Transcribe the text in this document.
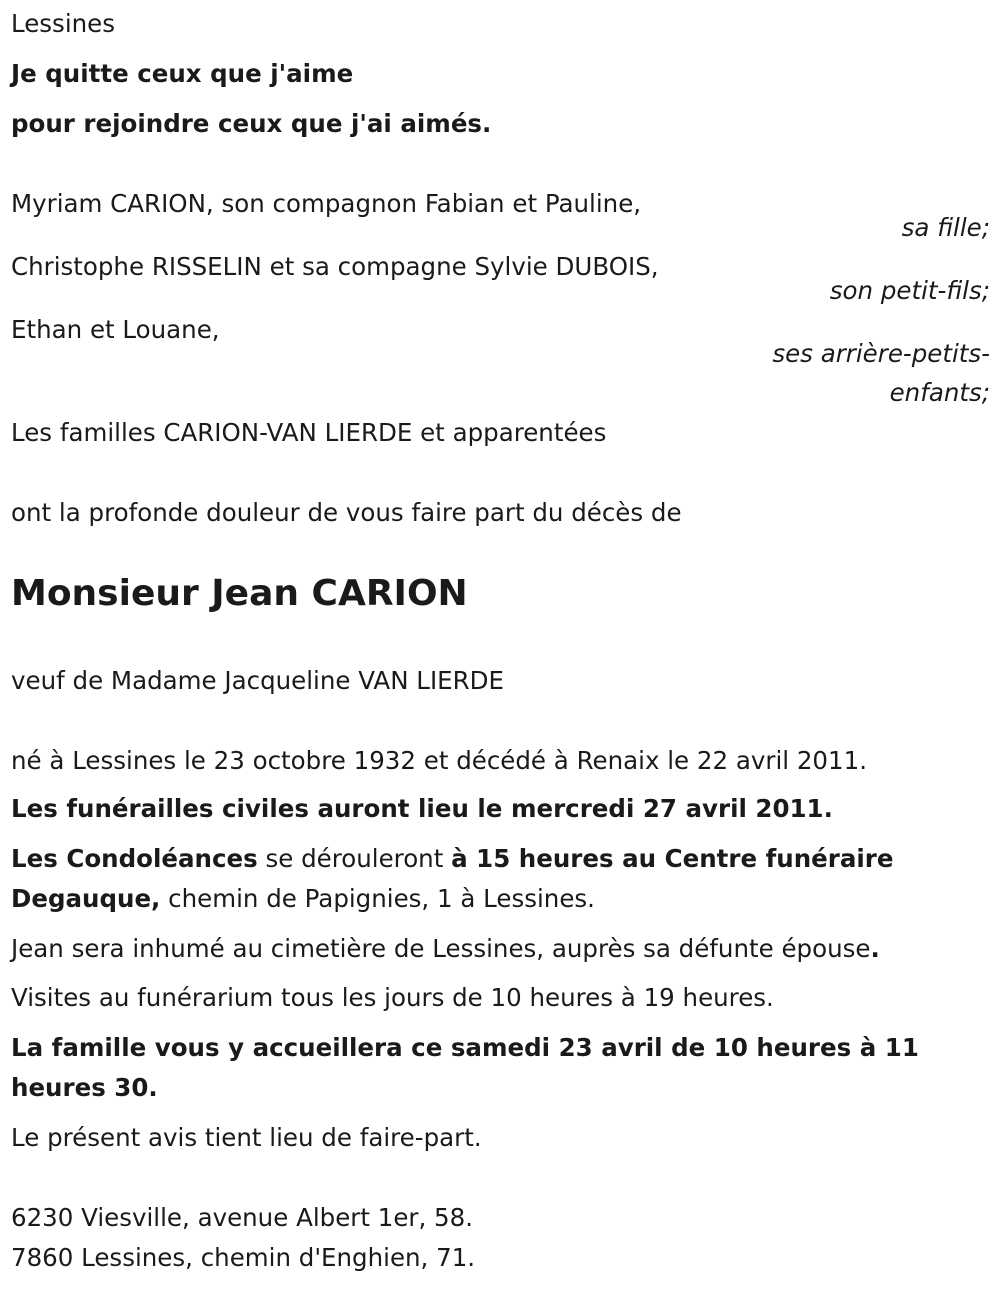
Lessines
Je quitte ceux que j'aime
pour rejoindre ceux que j'ai aimés.
Myriam CARION, son compagnon Fabian et Pauline,
sa fille;
Christophe RISSELIN et sa compagne Sylvie DUBOIS,
son petit-fils;
Ethan et Louane,
ses arrière-petits-
enfants;
Les familles CARION-VAN LIERDE et apparentées
ont la profonde douleur de vous faire part du décès de
Monsieur Jean CARION
veuf de Madame Jacqueline VAN LIERDE
né à Lessines le 23 octobre 1932 et décédé à Renaix le 22 avril 2011.
Les funérailles civiles auront lieu le mercredi 27 avril 2011.
Les Condoléances se dérouleront à 15 heures au Centre funéraire
Degauque, chemin de Papignies, 1 à Lessines.
Jean sera inhumé au cimetière de Lessines, auprès sa défunte épouse.
Visites au funérarium tous les jours de 10 heures à 19 heures.
La famille vous y accueillera ce samedi 23 avril de 10 heures à 11
heures 30.
Le présent avis tient lieu de faire-part.
6230 Viesville, avenue Albert 1er, 58.
7860 Lessines, chemin d'Enghien, 71.
